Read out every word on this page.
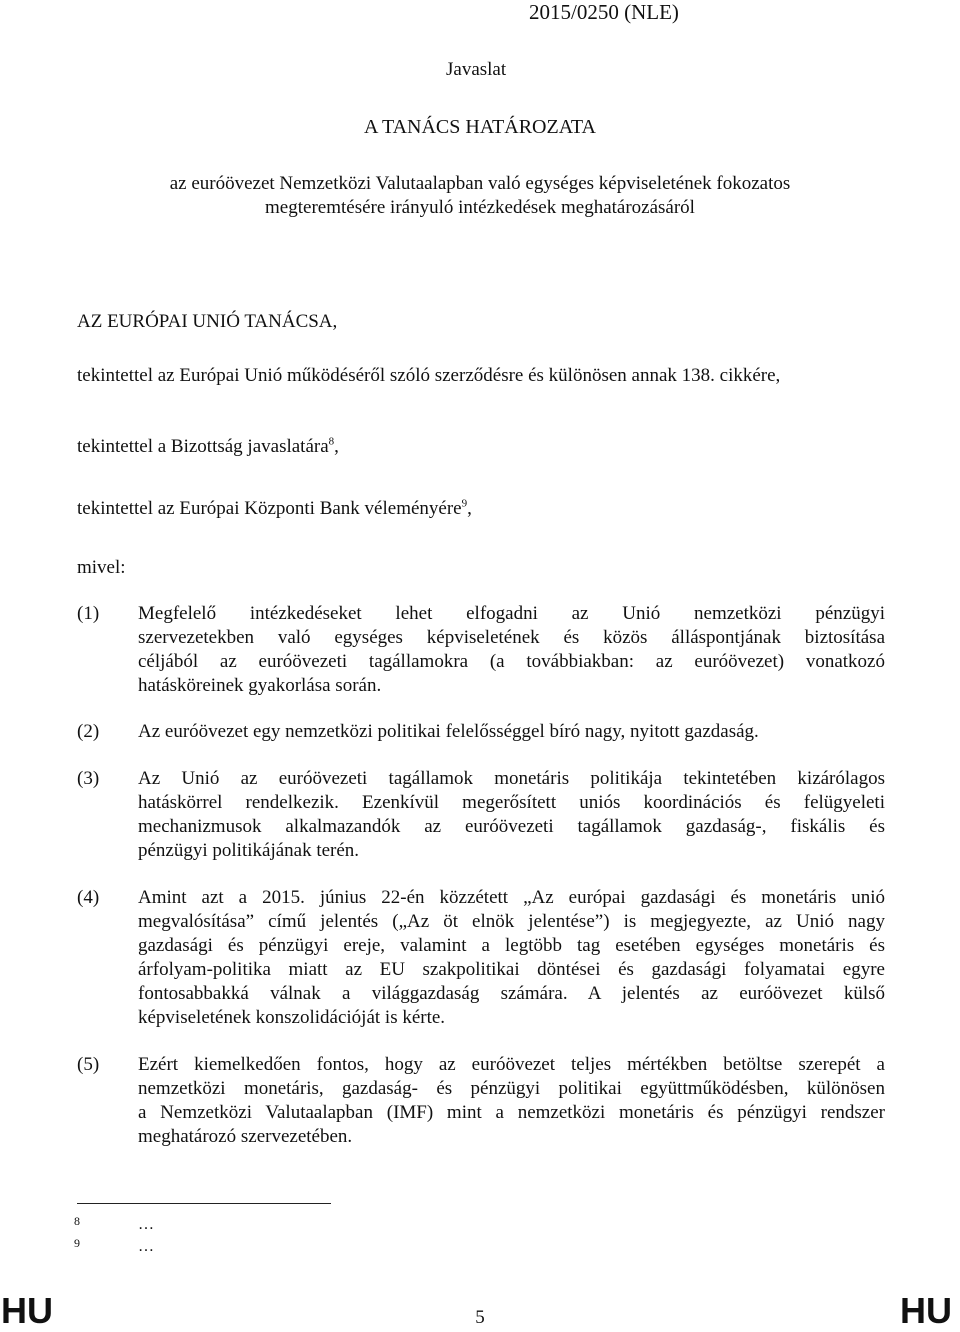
2015/0250 (NLE)
Javaslat
A TANÁCS HATÁROZATA
az euróövezet Nemzetközi Valutaalapban való egységes képviseletének fokozatos
megteremtésére irányuló intézkedések meghatározásáról
AZ EURÓPAI UNIÓ TANÁCSA,
tekintettel az Európai Unió működéséről szóló szerződésre és különösen annak 138. cikkére,
tekintettel a Bizottság javaslatára$^8$,
tekintettel az Európai Központi Bank véleményére$^9$,
mivel:
(1) Megfelelő intézkedéseket lehet elfogadni az Unió nemzetközi pénzügyi
szervezetekben való egységes képviseletének és közös álláspontjának biztosítása
céljából az euróövezeti tagállamokra (a továbbiakban: az euróövezet) vonatkozó
hatásköreinek gyakorlása során.
(2) Az euróövezet egy nemzetközi politikai felelősséggel bíró nagy, nyitott gazdaság.
(3) Az Unió az euróövezeti tagállamok monetáris politikája tekintetében kizárólagos
hatáskörrel rendelkezik. Ezenkívül megerősített uniós koordinációs és felügyeleti
mechanizmusok alkalmazandók az euróövezeti tagállamok gazdaság-, fiskális és
pénzügyi politikájának terén.
(4) Amint azt a 2015. június 22-én közzétett „Az európai gazdasági és monetáris unió
megvalósítása” című jelentés („Az öt elnök jelentése”) is megjegyezte, az Unió nagy
gazdasági és pénzügyi ereje, valamint a legtöbb tag esetében egységes monetáris és
árfolyam-politika miatt az EU szakpolitikai döntései és gazdasági folyamatai egyre
fontosabbakká válnak a világgazdaság számára. A jelentés az euróövezet külső
képviseletének konszolidációját is kérte.
(5) Ezért kiemelkedően fontos, hogy az euróövezet teljes mértékben betöltse szerepét a
nemzetközi monetáris, gazdaság- és pénzügyi politikai együttműködésben, különösen
a Nemzetközi Valutaalapban (IMF) mint a nemzetközi monetáris és pénzügyi rendszer
meghatározó szervezetében.
8	…
9	…
HU	5	HU
